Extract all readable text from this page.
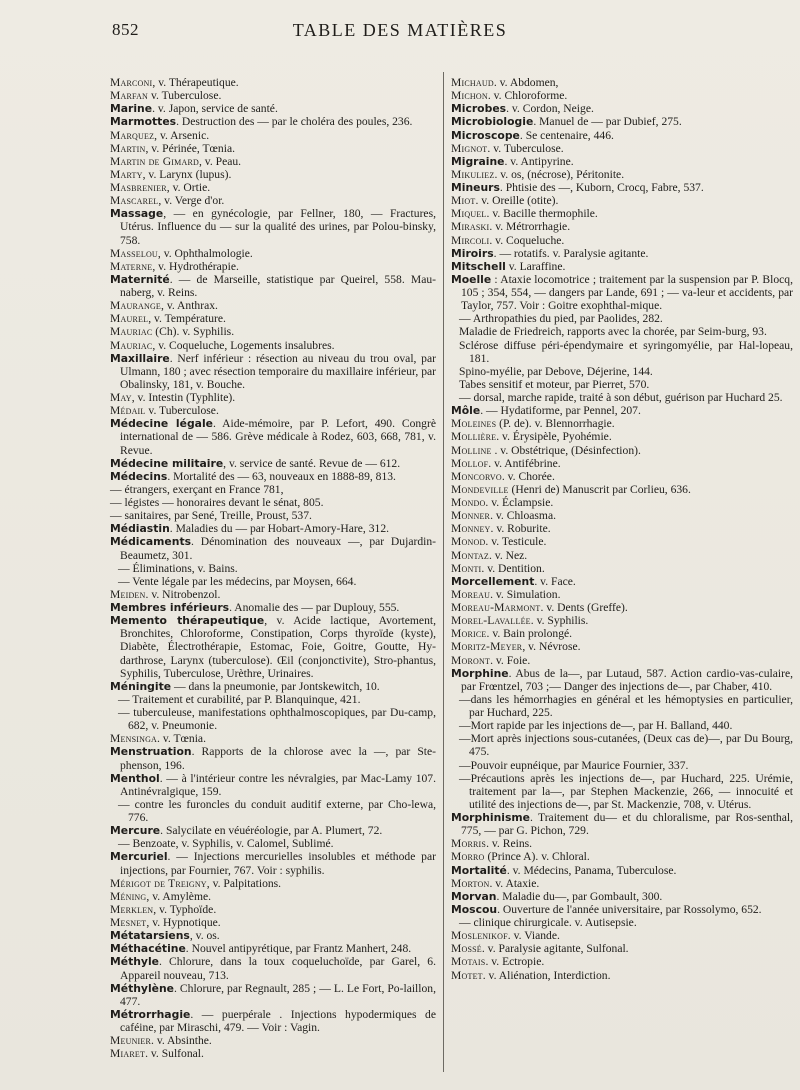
852	TABLE DES MATIÈRES
Marconi, v. Thérapeutique.
Marfan v. Tuberculose.
Marine. v. Japon, service de santé.
Marmottes. Destruction des — par le choléra des poules, 236.
Marquez, v. Arsenic.
Martin, v. Périnée, Tœnia.
Martin de Gimard, v. Peau.
Marty, v. Larynx (lupus).
Masbrenier, v. Ortie.
Mascarel, v. Verge d'or.
Massage, — en gynécologie, par Fellner, 180, — Fractures, Utérus. Influence du — sur la qualité des urines, par Polou-binsky, 758.
Masselou, v. Ophthalmologie.
Materne, v. Hydrothérapie.
Maternité. — de Marseille, statistique par Queirel, 558. Mau-naberg, v. Reins.
Maurange, v. Anthrax.
Maurel, v. Température.
Mauriac (Ch). v. Syphilis.
Mauriac, v. Coqueluche, Logements insalubres.
Maxillaire. Nerf inférieur : résection au niveau du trou oval, par Ulmann, 180 ; avec résection temporaire du maxillaire inférieur, par Obalinsky, 181, v. Bouche.
May, v. Intestin (Typhlite).
Médail v. Tuberculose.
Médecine légale. Aide-mémoire, par P. Lefort, 490. Congrè international de — 586. Grève médicale à Rodez, 603, 668, 781, v. Revue.
Médecine militaire, v. service de santé. Revue de — 612.
Médecins. Mortalité des — 63, nouveaux en 1888-89, 813.
— étrangers, exerçant en France 781,
— légistes — honoraires devant le sénat, 805.
— sanitaires, par Sené, Treille, Proust, 537.
Médiastin. Maladies du — par Hobart-Amory-Hare, 312.
Médicaments. Dénomination des nouveaux —, par Dujardin-Beaumetz, 301.
— Éliminations, v. Bains.
— Vente légale par les médecins, par Moysen, 664.
Meiden. v. Nitrobenzol.
Membres inférieurs. Anomalie des — par Duplouy, 555.
Memento thérapeutique, v. Acide lactique, Avortement, Bronchites, Chloroforme, Constipation, Corps thyroïde (kyste), Diabète, Électrothérapie, Estomac, Foie, Goitre, Goutte, Hy-darthrose, Larynx (tuberculose). Œil (conjonctivite), Stro-phantus, Syphilis, Tuberculose, Urèthre, Urinaires.
Méningite — dans la pneumonie, par Jontskewitch, 10.
— Traitement et curabilité, par P. Blanquinque, 421.
— tuberculeuse, manifestations ophthalmoscopiques, par Du-camp, 682, v. Pneumonie.
Mensinga. v. Tœnia.
Menstruation. Rapports de la chlorose avec la —, par Ste-phenson, 196.
Menthol. — à l'intérieur contre les névralgies, par Mac-Lamy 107. Antinévralgique, 159.
— contre les furoncles du conduit auditif externe, par Cho-lewa, 776.
Mercure. Salycilate en véuéréologie, par A. Plumert, 72.
— Benzoate, v. Syphilis, v. Calomel, Sublimé.
Mercuriel. — Injections mercurielles insolubles et méthode par injections, par Fournier, 767. Voir : syphilis.
Mérigot de Treigny, v. Palpitations.
Méning, v. Amylème.
Merklen, v. Typhoïde.
Mesnet, v. Hypnotique.
Métatarsiens, v. os.
Méthacétine. Nouvel antipyrétique, par Frantz Manhert, 248.
Méthyle. Chlorure, dans la toux coqueluchoïde, par Garel, 6. Appareil nouveau, 713.
Méthylène. Chlorure, par Regnault, 285 ; — L. Le Fort, Po-laillon, 477.
Métrorrhagie. — puerpérale . Injections hypodermiques de caféine, par Miraschi, 479. — Voir : Vagin.
Meunier. v. Absinthe.
Miaret. v. Sulfonal.
Michaud. v. Abdomen,
Michon. v. Chloroforme.
Microbes. v. Cordon, Neige.
Microbiologie. Manuel de — par Dubief, 275.
Microscope. Se centenaire, 446.
Mignot. v. Tuberculose.
Migraine. v. Antipyrine.
Mikuliez. v. os, (nécrose), Péritonite.
Mineurs. Phtisie des —, Kuborn, Crocq, Fabre, 537.
Miot. v. Oreille (otite).
Miquel. v. Bacille thermophile.
Miraski. v. Métrorrhagie.
Mircoli. v. Coqueluche.
Miroirs. — rotatifs. v. Paralysie agitante.
Mitschell v. Laraffine.
Moelle : Ataxie locomotrice ; traitement par la suspension par P. Blocq, 105 ; 354, 554, — dangers par Lande, 691 ; — va-leur et accidents, par Taylor, 757. Voir : Goitre exophthal-mique.
— Arthropathies du pied, par Paolides, 282.
Maladie de Friedreich, rapports avec la chorée, par Seim-burg, 93.
Sclérose diffuse péri-épendymaire et syringomyélie, par Hal-lopeau, 181.
Spino-myélie, par Debove, Déjerine, 144.
Tabes sensitif et moteur, par Pierret, 570.
— dorsal, marche rapide, traité à son début, guérison par Huchard 25.
Môle. — Hydatiforme, par Pennel, 207.
Moleines (P. de). v. Blennorrhagie.
Mollière. v. Érysipèle, Pyohémie.
Molline . v. Obstétrique, (Désinfection).
Mollof. v. Antifébrine.
Moncorvo. v. Chorée.
Mondeville (Henri de) Manuscrit par Corlieu, 636.
Mondo. v. Éclampsie.
Monner. v. Chloasma.
Monney. v. Roburite.
Monod. v. Testicule.
Montaz. v. Nez.
Monti. v. Dentition.
Morcellement. v. Face.
Moreau. v. Simulation.
Moreau-Marmont. v. Dents (Greffe).
Morel-Lavallée. v. Syphilis.
Morice. v. Bain prolongé.
Moritz-Meyer, v. Névrose.
Moront. v. Foie.
Morphine. Abus de la—, par Lutaud, 587. Action cardio-vas-culaire, par Frœntzel, 703 ;— Danger des injections de—, par Chaber, 410.
—dans les hémorrhagies en général et les hémoptysies en particulier, par Huchard, 225.
—Mort rapide par les injections de—, par H. Balland, 440.
—Mort après injections sous-cutanées, (Deux cas de)—, par Du Bourg, 475.
—Pouvoir eupnéique, par Maurice Fournier, 337.
—Précautions après les injections de—, par Huchard, 225. Urémie, traitement par la—, par Stephen Mackenzie, 266, — innocuité et utilité des injections de—, par St. Mackenzie, 708, v. Utérus.
Morphinisme. Traitement du— et du chloralisme, par Ros-senthal, 775, — par G. Pichon, 729.
Morris. v. Reins.
Morro (Prince A). v. Chloral.
Mortalité. v. Médecins, Panama, Tuberculose.
Morton. v. Ataxie.
Morvan. Maladie du—, par Gombault, 300.
Moscou. Ouverture de l'année universitaire, par Rossolymo, 652.
— clinique chirurgicale. v. Autisepsie.
Moslenikof. v. Viande.
Mossé. v. Paralysie agitante, Sulfonal.
Motais. v. Ectropie.
Motet. v. Aliénation, Interdiction.
